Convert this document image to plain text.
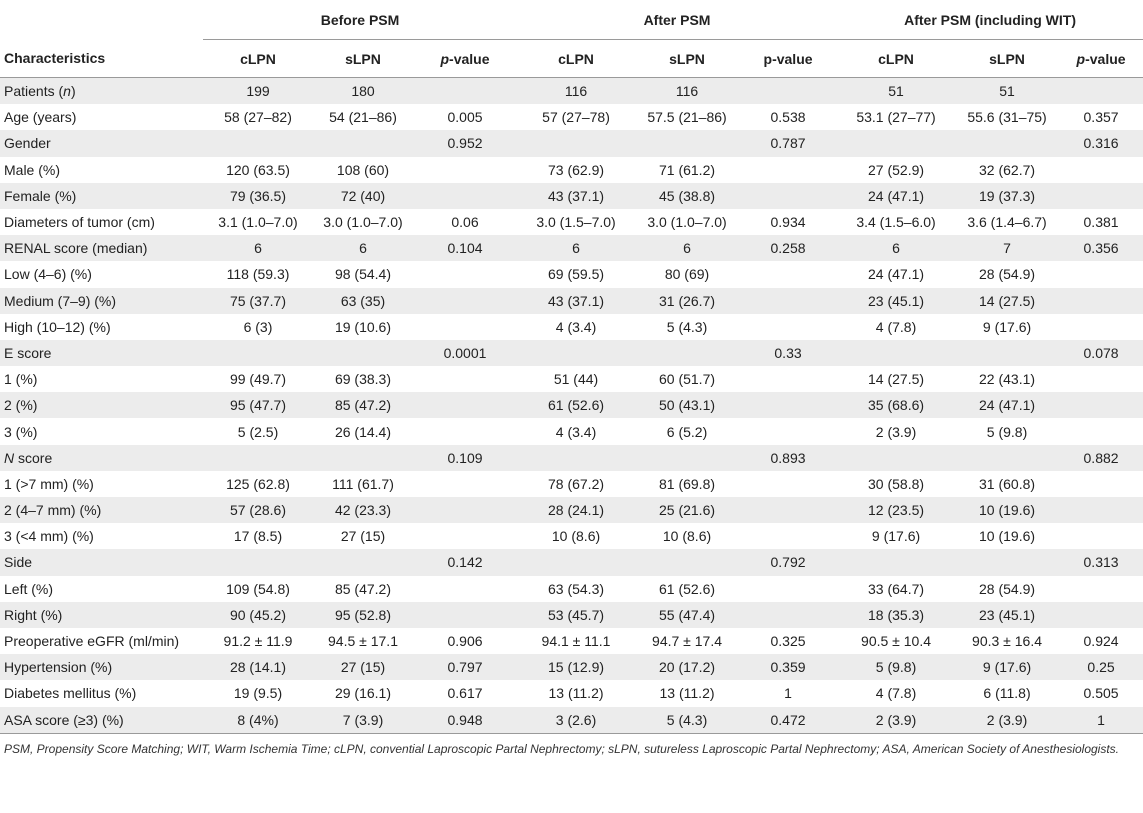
	Before PSM			After PSM			After PSM (including WIT)		
Characteristics	cLPN	sLPN	p-value	cLPN	sLPN	p-value	cLPN	sLPN	p-value
Patients (n)	199	180		116	116		51	51	
Age (years)	58 (27–82)	54 (21–86)	0.005	57 (27–78)	57.5 (21–86)	0.538	53.1 (27–77)	55.6 (31–75)	0.357
Gender			0.952			0.787			0.316
Male (%)	120 (63.5)	108 (60)		73 (62.9)	71 (61.2)		27 (52.9)	32 (62.7)	
Female (%)	79 (36.5)	72 (40)		43 (37.1)	45 (38.8)		24 (47.1)	19 (37.3)	
Diameters of tumor (cm)	3.1 (1.0–7.0)	3.0 (1.0–7.0)	0.06	3.0 (1.5–7.0)	3.0 (1.0–7.0)	0.934	3.4 (1.5–6.0)	3.6 (1.4–6.7)	0.381
RENAL score (median)	6	6	0.104	6	6	0.258	6	7	0.356
Low (4–6) (%)	118 (59.3)	98 (54.4)		69 (59.5)	80 (69)		24 (47.1)	28 (54.9)	
Medium (7–9) (%)	75 (37.7)	63 (35)		43 (37.1)	31 (26.7)		23 (45.1)	14 (27.5)	
High (10–12) (%)	6 (3)	19 (10.6)		4 (3.4)	5 (4.3)		4 (7.8)	9 (17.6)	
E score			0.0001			0.33			0.078
1 (%)	99 (49.7)	69 (38.3)		51 (44)	60 (51.7)		14 (27.5)	22 (43.1)	
2 (%)	95 (47.7)	85 (47.2)		61 (52.6)	50 (43.1)		35 (68.6)	24 (47.1)	
3 (%)	5 (2.5)	26 (14.4)		4 (3.4)	6 (5.2)		2 (3.9)	5 (9.8)	
N score			0.109			0.893			0.882
1 (>7 mm) (%)	125 (62.8)	111 (61.7)		78 (67.2)	81 (69.8)		30 (58.8)	31 (60.8)	
2 (4–7 mm) (%)	57 (28.6)	42 (23.3)		28 (24.1)	25 (21.6)		12 (23.5)	10 (19.6)	
3 (<4 mm) (%)	17 (8.5)	27 (15)		10 (8.6)	10 (8.6)		9 (17.6)	10 (19.6)	
Side			0.142			0.792			0.313
Left (%)	109 (54.8)	85 (47.2)		63 (54.3)	61 (52.6)		33 (64.7)	28 (54.9)	
Right (%)	90 (45.2)	95 (52.8)		53 (45.7)	55 (47.4)		18 (35.3)	23 (45.1)	
Preoperative eGFR (ml/min)	91.2 ± 11.9	94.5 ± 17.1	0.906	94.1 ± 11.1	94.7 ± 17.4	0.325	90.5 ± 10.4	90.3 ± 16.4	0.924
Hypertension (%)	28 (14.1)	27 (15)	0.797	15 (12.9)	20 (17.2)	0.359	5 (9.8)	9 (17.6)	0.25
Diabetes mellitus (%)	19 (9.5)	29 (16.1)	0.617	13 (11.2)	13 (11.2)	1	4 (7.8)	6 (11.8)	0.505
ASA score (≥3) (%)	8 (4%)	7 (3.9)	0.948	3 (2.6)	5 (4.3)	0.472	2 (3.9)	2 (3.9)	1
PSM, Propensity Score Matching; WIT, Warm Ischemia Time; cLPN, convential Laproscopic Partal Nephrectomy; sLPN, sutureless Laproscopic Partal Nephrectomy; ASA, American Society of Anesthesiologists.
